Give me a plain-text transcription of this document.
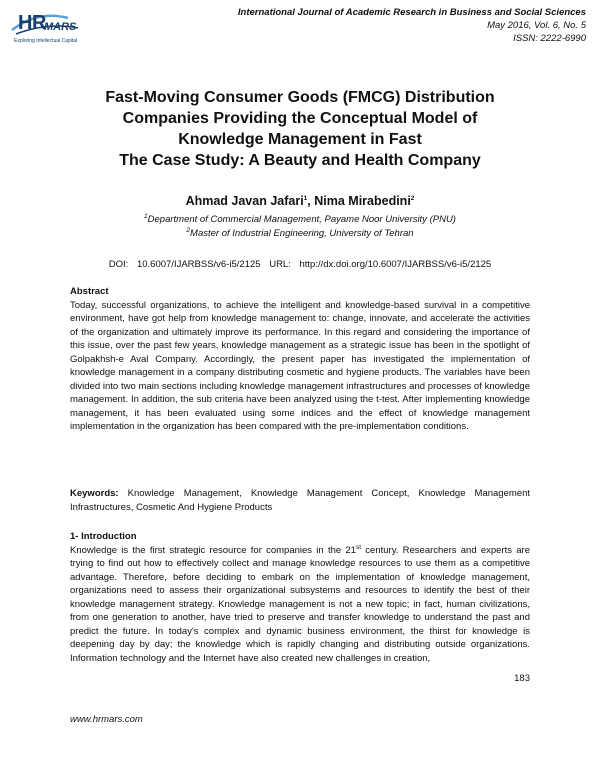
HR
MARS
Exploring Intellectual Capital
International Journal of Academic Research in Business and Social Sciences
May 2016, Vol. 6, No. 5
ISSN: 2222-6990
Fast-Moving Consumer Goods (FMCG) Distribution
Companies Providing the Conceptual Model of
Knowledge Management in Fast
The Case Study: A Beauty and Health Company
Ahmad Javan Jafari$^1$, Nima Mirabedini$^2$
$^1$Department of Commercial Management, Payame Noor University (PNU)
$^2$Master of Industrial Engineering, University of Tehran
DOI: 10.6007/IJARBSS/v6-i5/2125 URL: http://dx.doi.org/10.6007/IJARBSS/v6-i5/2125
Abstract
Today, successful organizations, to achieve the intelligent and knowledge-based survival in a competitive environment, have got help from knowledge management to: change, innovate, and accelerate the activities of the organization and ultimately improve its performance. In this regard and considering the importance of this issue, over the past few years, knowledge management as a strategic issue has been in the spotlight of Golpakhsh-e Aval Company. Accordingly, the present paper has investigated the implementation of knowledge management in a company distributing cosmetic and hygiene products. The variables have been divided into two main sections including knowledge management infrastructures and processes of knowledge management. In addition, the sub criteria have been analyzed using the t-test. After implementing knowledge management, it has been evaluated using some indices and the effect of knowledge management implementation in the organization has been compared with the pre-implementation conditions.
Keywords: Knowledge Management, Knowledge Management Concept, Knowledge Management Infrastructures, Cosmetic And Hygiene Products
1- Introduction
Knowledge is the first strategic resource for companies in the 21st century. Researchers and experts are trying to find out how to effectively collect and manage knowledge resources to use them as a competitive advantage. Therefore, before deciding to embark on the implementation of knowledge management, organizations need to assess their organizational subsystems and resources to identify the best of their knowledge management strategy. Knowledge management is not a new topic; in fact, human civilizations, from one generation to another, have tried to preserve and transfer knowledge to understand the past and predict the future. In today's complex and dynamic business environment, the thirst for knowledge is deepening day by day; the knowledge which is rapidly changing and distributing outside organizations. Information technology and the Internet have also created new challenges in creation,
183
www.hrmars.com
